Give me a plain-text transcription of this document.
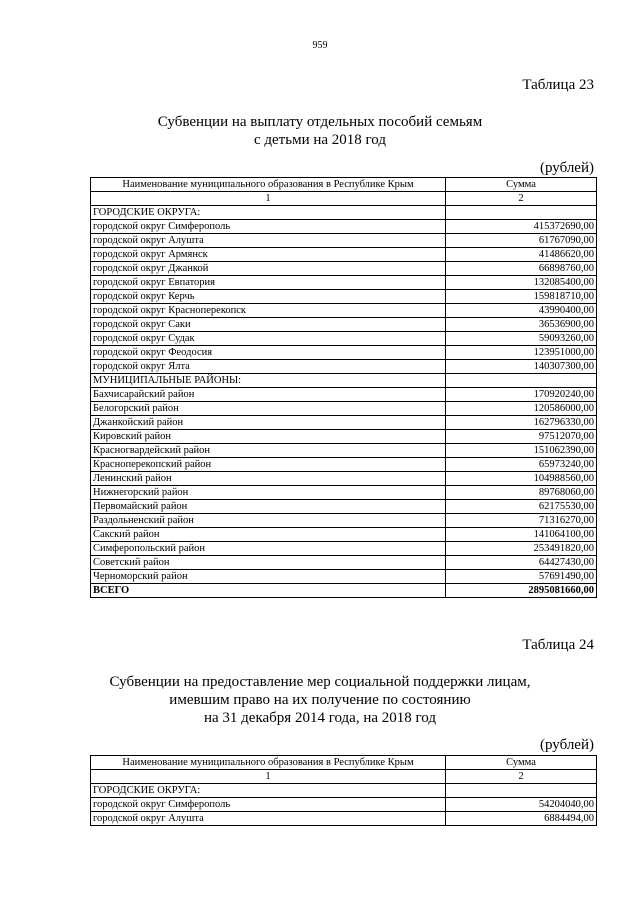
959
Таблица 23
Субвенции на выплату отдельных пособий семьям
с детьми на 2018 год
(рублей)
Наименование муниципального образования в Республике Крым	Сумма
1	2
ГОРОДСКИЕ ОКРУГА:	
городской округ Симферополь	415372690,00
городской округ Алушта	61767090,00
городской округ Армянск	41486620,00
городской округ Джанкой	66898760,00
городской округ Евпатория	132085400,00
городской округ Керчь	159818710,00
городской округ Красноперекопск	43990400,00
городской округ Саки	36536900,00
городской округ Судак	59093260,00
городской округ Феодосия	123951000,00
городской округ Ялта	140307300,00
МУНИЦИПАЛЬНЫЕ РАЙОНЫ:	
Бахчисарайский район	170920240,00
Белогорский район	120586000,00
Джанкойский район	162796330,00
Кировский район	97512070,00
Красногвардейский район	151062390,00
Красноперекопский район	65973240,00
Ленинский район	104988560,00
Нижнегорский район	89768060,00
Первомайский район	62175530,00
Раздольненский район	71316270,00
Сакский район	141064100,00
Симферопольский район	253491820,00
Советский район	64427430,00
Черноморский район	57691490,00
ВСЕГО	2895081660,00
Таблица 24
Субвенции на предоставление мер социальной поддержки лицам,
имевшим право на их получение по состоянию
на 31 декабря 2014 года, на 2018 год
(рублей)
Наименование муниципального образования в Республике Крым	Сумма
1	2
ГОРОДСКИЕ ОКРУГА:	
городской округ Симферополь	54204040,00
городской округ Алушта	6884494,00
